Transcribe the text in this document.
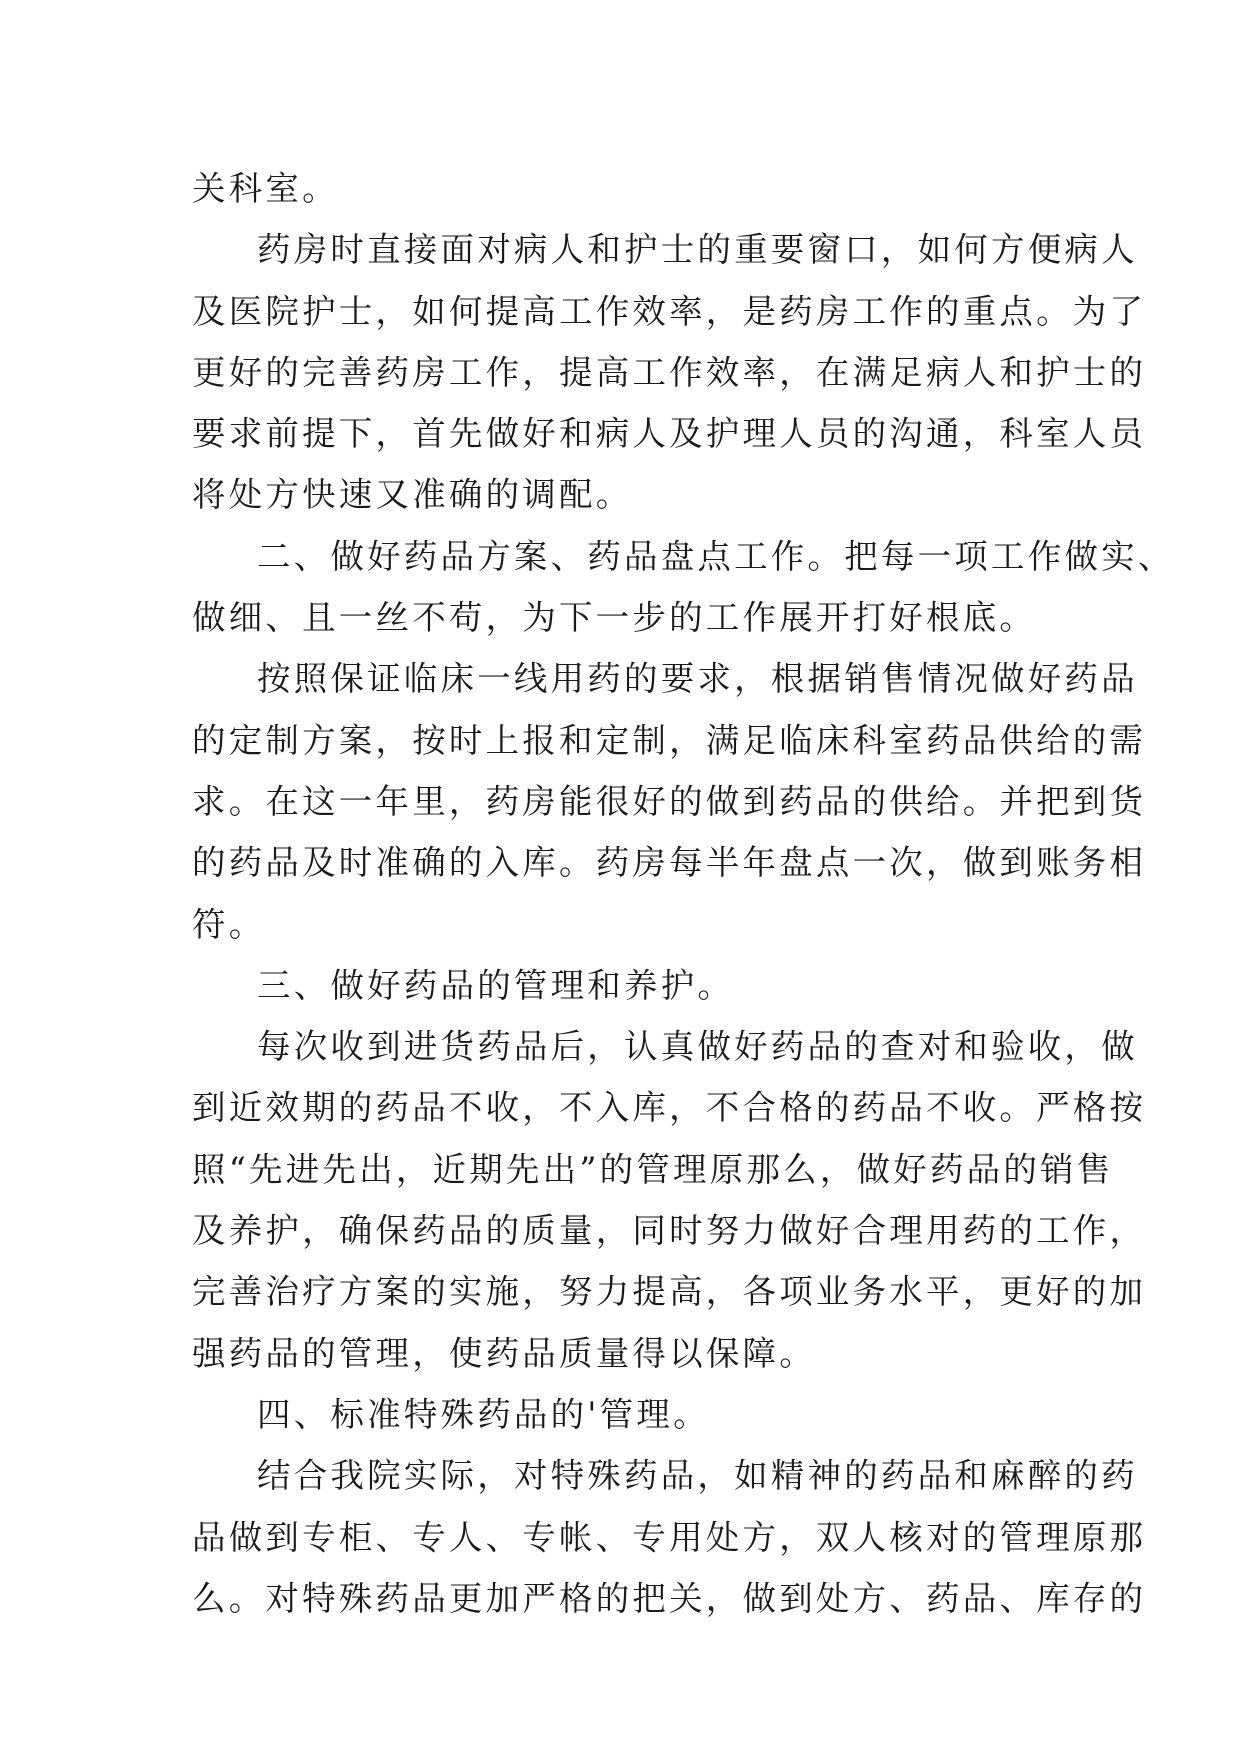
关科室。
药房时直接面对病人和护士的重要窗口，如何方便病人
及医院护士，如何提高工作效率，是药房工作的重点。为了
更好的完善药房工作，提高工作效率，在满足病人和护士的
要求前提下，首先做好和病人及护理人员的沟通，科室人员
将处方快速又准确的调配。
二、做好药品方案、药品盘点工作。把每一项工作做实、
做细、且一丝不苟，为下一步的工作展开打好根底。
按照保证临床一线用药的要求，根据销售情况做好药品
的定制方案，按时上报和定制，满足临床科室药品供给的需
求。在这一年里，药房能很好的做到药品的供给。并把到货
的药品及时准确的入库。药房每半年盘点一次，做到账务相
符。
三、做好药品的管理和养护。
每次收到进货药品后，认真做好药品的查对和验收，做
到近效期的药品不收，不入库，不合格的药品不收。严格按
照“先进先出，近期先出”的管理原那么，做好药品的销售
及养护，确保药品的质量，同时努力做好合理用药的工作，
完善治疗方案的实施，努力提高，各项业务水平，更好的加
强药品的管理，使药品质量得以保障。
四、标准特殊药品的'管理。
结合我院实际，对特殊药品，如精神的药品和麻醉的药
品做到专柜、专人、专帐、专用处方，双人核对的管理原那
么。对特殊药品更加严格的把关，做到处方、药品、库存的
